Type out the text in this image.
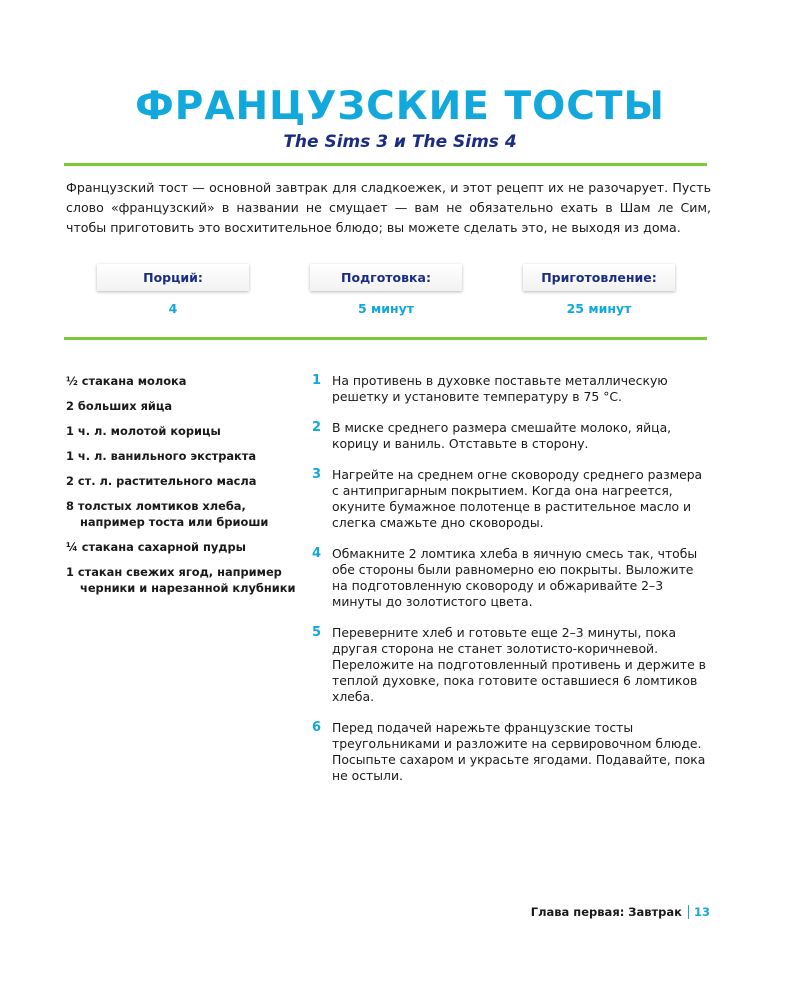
ФРАНЦУЗСКИЕ ТОСТЫ
The Sims 3 и The Sims 4

Французский тост — основной завтрак для сладкоежек, и этот рецепт их не разочарует. Пусть слово «французский» в названии не смущает — вам не обязательно ехать в Шам ле Сим, чтобы приготовить это восхитительное блюдо; вы можете сделать это, не выходя из дома.

Порций:
4
Подготовка:
5 минут
Приготовление:
25 минут
½ стакана молока
2 больших яйца
1 ч. л. молотой корицы
1 ч. л. ванильного экстракта
2 ст. л. растительного масла
8 толстых ломтиков хлеба, например тоста или бриоши
¼ стакана сахарной пудры
1 стакан свежих ягод, например черники и нарезанной клубники
1 На противень в духовке поставьте металлическую решетку и установите температуру в 75 °C.
2 В миске среднего размера смешайте молоко, яйца, корицу и ваниль. Отставьте в сторону.
3 Нагрейте на среднем огне сковороду среднего размера с антипригарным покрытием. Когда она нагреется, окуните бумажное полотенце в растительное масло и слегка смажьте дно сковороды.
4 Обмакните 2 ломтика хлеба в яичную смесь так, чтобы обе стороны были равномерно ею покрыты. Выложите на подготовленную сковороду и обжаривайте 2–3 минуты до золотистого цвета.
5 Переверните хлеб и готовьте еще 2–3 минуты, пока другая сторона не станет золотисто-коричневой. Переложите на подготовленный противень и держите в теплой духовке, пока готовите оставшиеся 6 ломтиков хлеба.
6 Перед подачей нарежьте французские тосты треугольниками и разложите на сервировочном блюде. Посыпьте сахаром и украсьте ягодами. Подавайте, пока не остыли.
Глава первая: Завтрак 13
